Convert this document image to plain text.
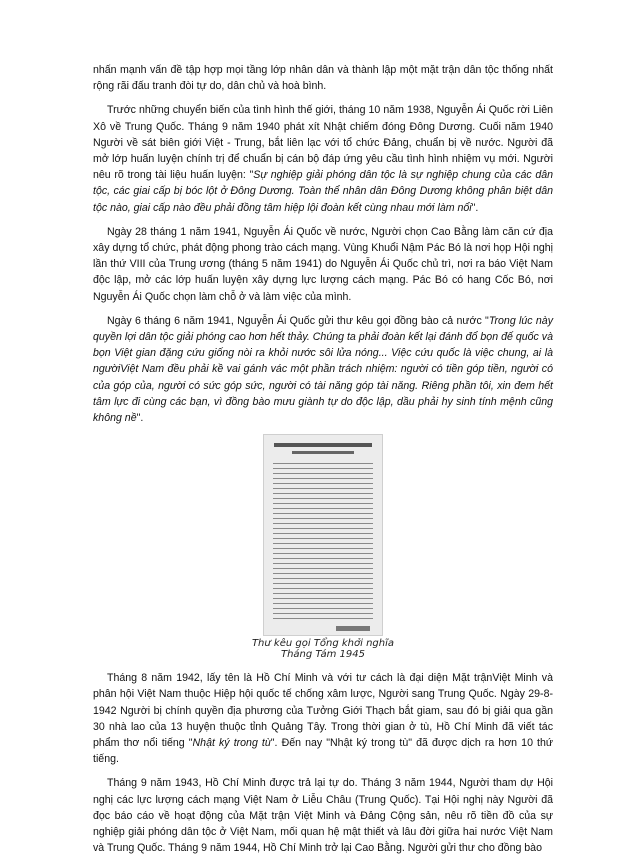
nhấn mạnh vấn đề tập hợp mọi tầng lớp nhân dân và thành lập một mặt trận dân tộc thống nhất rộng rãi đấu tranh đòi tự do, dân chủ và hoà bình.

Trước những chuyển biến của tình hình thế giới, tháng 10 năm 1938, Nguyễn Ái Quốc rời Liên Xô về Trung Quốc. Tháng 9 năm 1940 phát xít Nhật chiếm đóng Đông Dương. Cuối năm 1940 Người về sát biên giới Việt - Trung, bắt liên lạc với tổ chức Đảng, chuẩn bị về nước. Người đã mở lớp huấn luyện chính trị để chuẩn bị cán bộ đáp ứng yêu cầu tình hình nhiệm vụ mới. Người nêu rõ trong tài liệu huấn luyện: "Sự nghiệp giải phóng dân tộc là sự nghiệp chung của các dân tộc, các giai cấp bị bóc lột ở Đông Dương. Toàn thể nhân dân Đông Dương không phân biệt dân tộc nào, giai cấp nào đều phải đồng tâm hiệp lội đoàn kết cùng nhau mới làm nổi".

Ngày 28 tháng 1 năm 1941, Nguyễn Ái Quốc về nước, Người chọn Cao Bằng làm căn cứ địa xây dựng tổ chức, phát động phong trào cách mạng. Vùng Khuổi Nậm Pác Bó là nơi họp Hội nghị lần thứ VIII của Trung ương (tháng 5 năm 1941) do Nguyễn Ái Quốc chủ trì, nơi ra báo Việt Nam độc lập, mở các lớp huấn luyện xây dựng lực lượng cách mạng. Pác Bó có hang Cốc Bó, nơi Nguyễn Ái Quốc chọn làm chỗ ở và làm việc của mình.

Ngày 6 tháng 6 năm 1941, Nguyễn Ái Quốc gửi thư kêu gọi đồng bào cả nước "Trong lúc này quyền lợi dân tộc giải phóng cao hơn hết thảy. Chúng ta phải đoàn kết lại đánh đổ bọn đế quốc và bọn Việt gian đặng cứu giống nòi ra khỏi nước sôi lửa nóng... Việc cứu quốc là việc chung, ai là ngườiViệt Nam đều phải kề vai gánh vác một phần trách nhiệm: người có tiền góp tiền, người có của góp của, người có sức góp sức, người có tài năng góp tài năng. Riêng phần tôi, xin đem hết tâm lực đi cùng các bạn, vì đồng bào mưu giành tự do độc lập, dầu phải hy sinh tính mệnh cũng không nề".

Thư kêu gọi Tổng khởi nghĩa
Tháng Tám 1945

Tháng 8 năm 1942, lấy tên là Hồ Chí Minh và với tư cách là đại diện Mặt trậnViệt Minh và phân hội Việt Nam thuộc Hiệp hội quốc tế chống xâm lược, Người sang Trung Quốc. Ngày 29-8-1942 Người bị chính quyền địa phương của Tưởng Giới Thạch bắt giam, sau đó bị giải qua gần 30 nhà lao của 13 huyện thuộc tỉnh Quảng Tây. Trong thời gian ở tù, Hồ Chí Minh đã viết tác phẩm thơ nổi tiếng "Nhật ký trong tù". Đến nay "Nhật ký trong tù" đã được dịch ra hơn 10 thứ tiếng.

Tháng 9 năm 1943, Hồ Chí Minh được trả lại tự do. Tháng 3 năm 1944, Người tham dự Hội nghị các lực lượng cách mạng Việt Nam ở Liễu Châu (Trung Quốc). Tại Hội nghị này Người đã đọc báo cáo về hoạt động của Mặt trận Việt Minh và Đảng Cộng sản, nêu rõ tiền đồ của sự nghiệp giải phóng dân tộc ở Việt Nam, mối quan hệ mật thiết và lâu đời giữa hai nước Việt Nam và Trung Quốc. Tháng 9 năm 1944, Hồ Chí Minh trở lại Cao Bằng. Người gửi thư cho đồng bào
